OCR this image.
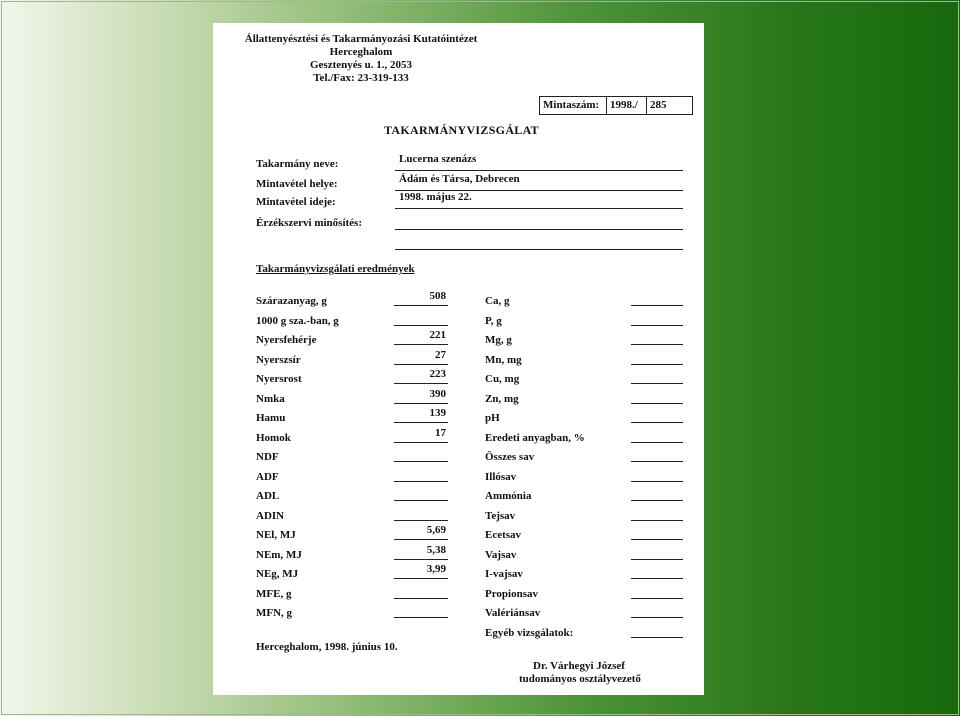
Állattenyésztési és Takarmányozási Kutatóintézet
Herceghalom
Gesztenyés u. 1., 2053
Tel./Fax: 23-319-133
Mintaszám: 1998./	285
TAKARMÁNYVIZSGÁLAT
Takarmány neve:	Lucerna szenázs
Mintavétel helye:	Ádám és Társa, Debrecen
Mintavétel ideje:	1998. május 22.
Érzékszervi minősítés:
Takarmányvizsgálati eredmények
Szárazanyag, g	508
1000 g sza.-ban, g
Nyersfehérje	221
Nyerszsír	27
Nyersrost	223
Nmka	390
Hamu	139
Homok	17
NDF
ADF
ADL
ADIN
NEl, MJ	5,69
NEm, MJ	5,38
NEg, MJ	3,99
MFE, g
MFN, g
Ca, g
P, g
Mg, g
Mn, mg
Cu, mg
Zn, mg
pH
Eredeti anyagban, %
Összes sav
Illósav
Ammónia
Tejsav
Ecetsav
Vajsav
I-vajsav
Propionsav
Valériánsav
Egyéb vizsgálatok:
Herceghalom, 1998. június 10.
Dr. Várhegyi József
tudományos osztályvezető
